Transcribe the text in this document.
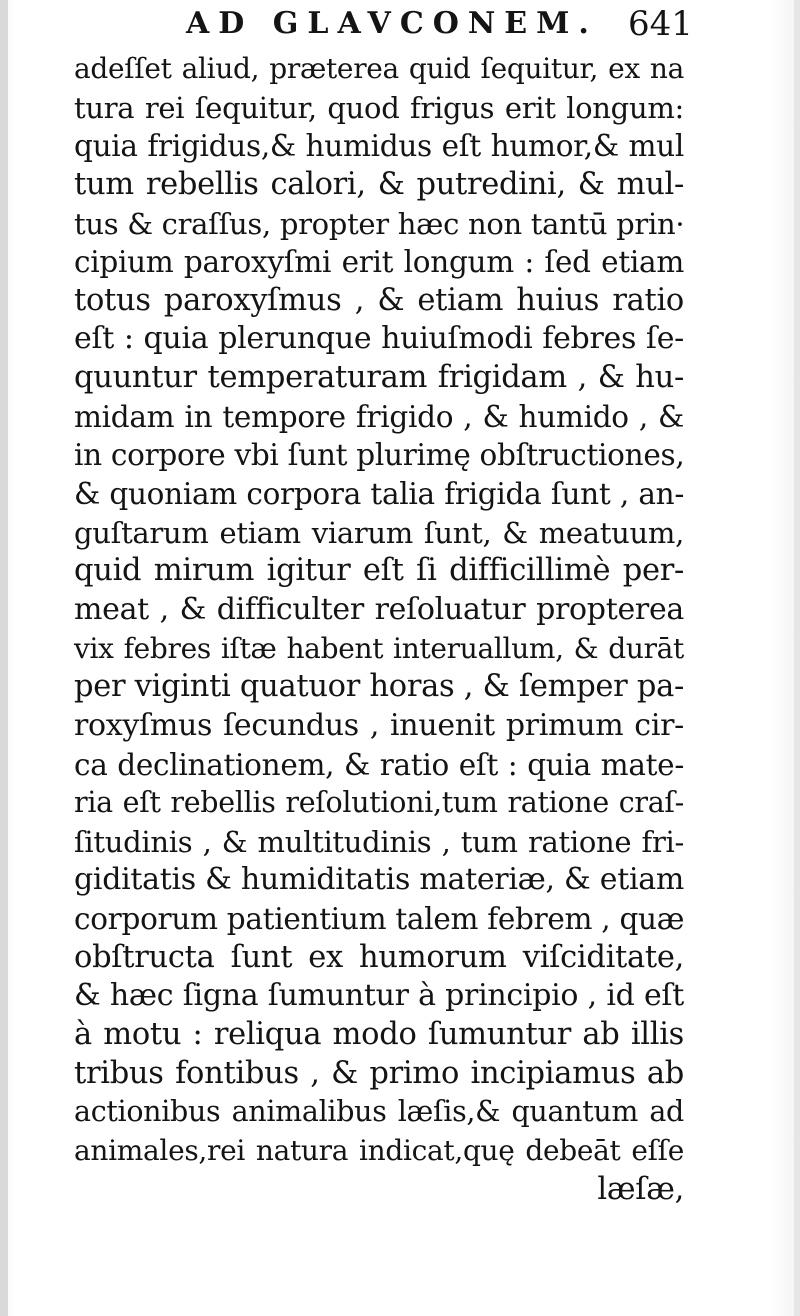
AD GLAVCONEM. 641
adeſſet aliud, præterea quid ſequitur, ex na
tura rei ſequitur, quod frigus erit longum:
quia frigidus,& humidus eſt humor,& mul
tum rebellis calori, & putredini, & mul-
tus & craſſus, propter hæc non tantū prin·
cipium paroxyſmi erit longum : ſed etiam
totus paroxyſmus , & etiam huius ratio
eſt : quia plerunque huiuſmodi febres ſe-
quuntur temperaturam frigidam , & hu-
midam in tempore frigido , & humido , &
in corpore vbi ſunt plurimę obſtructiones,
& quoniam corpora talia frigida ſunt , an-
guſtarum etiam viarum ſunt, & meatuum,
quid mirum igitur eſt ſi difficillimè per-
meat , & difficulter reſoluatur propterea
vix febres iſtæ habent interuallum, & durāt
per viginti quatuor horas , & ſemper pa-
roxyſmus ſecundus , inuenit primum cir-
ca declinationem, & ratio eſt : quia mate-
ria eſt rebellis reſolutioni,tum ratione craſ-
ſitudinis , & multitudinis , tum ratione fri-
giditatis & humiditatis materiæ, & etiam
corporum patientium talem febrem , quæ
obſtructa ſunt ex humorum viſciditate,
& hæc ſigna ſumuntur à principio , id eſt
à motu : reliqua modo ſumuntur ab illis
tribus fontibus , & primo incipiamus ab
actionibus animalibus læſis,& quantum ad
animales,rei natura indicat,quę debeāt eſſe
læſæ,
